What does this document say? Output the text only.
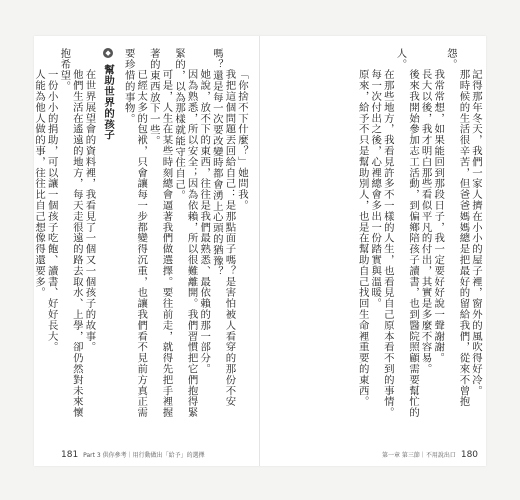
「你捨不下什麼？」她問我。

我把這個問題丟回給自己：是那點面子嗎？是害怕被人看穿的那份不安嗎？還是每一次要改變時都會湧上心頭的猶豫？

她說，放不下的東西，往往是我們最熟悉、最依賴的那一部分。

因為熟悉，所以安全；因為依賴，所以很難離開。我們習慣把它們抱得緊緊的，以為那樣就能守住自己。

可是，人生在某些時刻總會逼著我們做選擇。要往前走，就得先把手裡握著的東西放下一些。

已經太多的包袱，只會讓每一步都變得沉重，也讓我們看不見前方真正需要珍惜的事物。

◆ 幫助世界的孩子

在世界展望會的資料裡，我看見了一個又一個孩子的故事。

他們生活在遙遠的地方，每天走很遠的路去取水、上學，卻仍然對未來懷抱希望。

一份小小的捐助，可以讓一個孩子吃飽、讀書、好好長大。

人能為他人做的事，往往比自己想像得還要多。	記得那年冬天，我們一家人擠在小小的屋子裡，窗外的風吹得好冷。

那時候的生活很辛苦，但爸爸媽媽總是把最好的留給我們，從來不曾抱怨。

我常常想，如果能回到那段日子，我一定要好好說一聲謝謝。

長大以後，我才明白那些看似平凡的付出，其實是多麼不容易。

後來我開始參加志工活動，到偏鄉陪孩子讀書，也到醫院照顧需要幫忙的人。

在那些地方，我看見許多不一樣的人生，也看見自己原本看不到的事情。

每一次付出之後，心裡總會多出一份踏實與溫暖。

原來，給予不只是幫助別人，也是在幫助自己找回生命裡重要的東西。

181 Part 3 供你參考｜用行動做出「給予」的選擇	第一章 第三節｜不用說出口 180
